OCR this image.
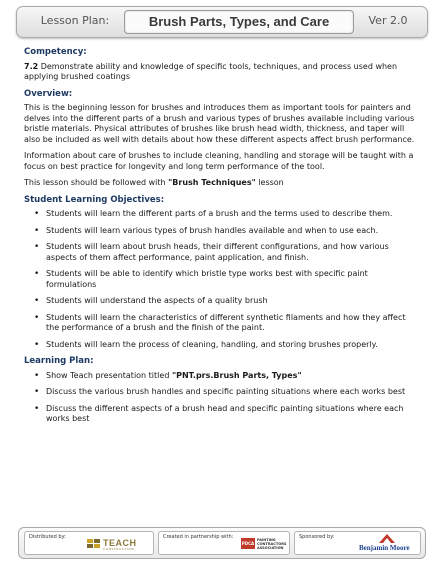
Lesson Plan:	Brush Parts, Types, and Care	Ver 2.0
Competency:

7.2 Demonstrate ability and knowledge of specific tools, techniques, and process used when applying brushed coatings

Overview:

This is the beginning lesson for brushes and introduces them as important tools for painters and delves into the different parts of a brush and various types of brushes available including various bristle materials. Physical attributes of brushes like brush head width, thickness, and taper will also be included as well with details about how these different aspects affect brush performance.

Information about care of brushes to include cleaning, handling and storage will be taught with a focus on best practice for longevity and long term performance of the tool.

This lesson should be followed with "Brush Techniques" lesson

Student Learning Objectives:
• Students will learn the different parts of a brush and the terms used to describe them.
• Students will learn various types of brush handles available and when to use each.
• Students will learn about brush heads, their different configurations, and how various aspects of them affect performance, paint application, and finish.
• Students will be able to identify which bristle type works best with specific paint formulations
• Students will understand the aspects of a quality brush
• Students will learn the characteristics of different synthetic filaments and how they affect the performance of a brush and the finish of the paint.
• Students will learn the process of cleaning, handling, and storing brushes properly.
Learning Plan:
• Show Teach presentation titled "PNT.prs.Brush Parts, Types"
• Discuss the various brush handles and specific painting situations where each works best
• Discuss the different aspects of a brush head and specific painting situations where each works best
Distributed by:
TEACH
CONSTRUCTION
Created in partnership with:
PDCA
PAINTING
CONTRACTORS
ASSOCIATION
Sponsored by:
Benjamin Moore
